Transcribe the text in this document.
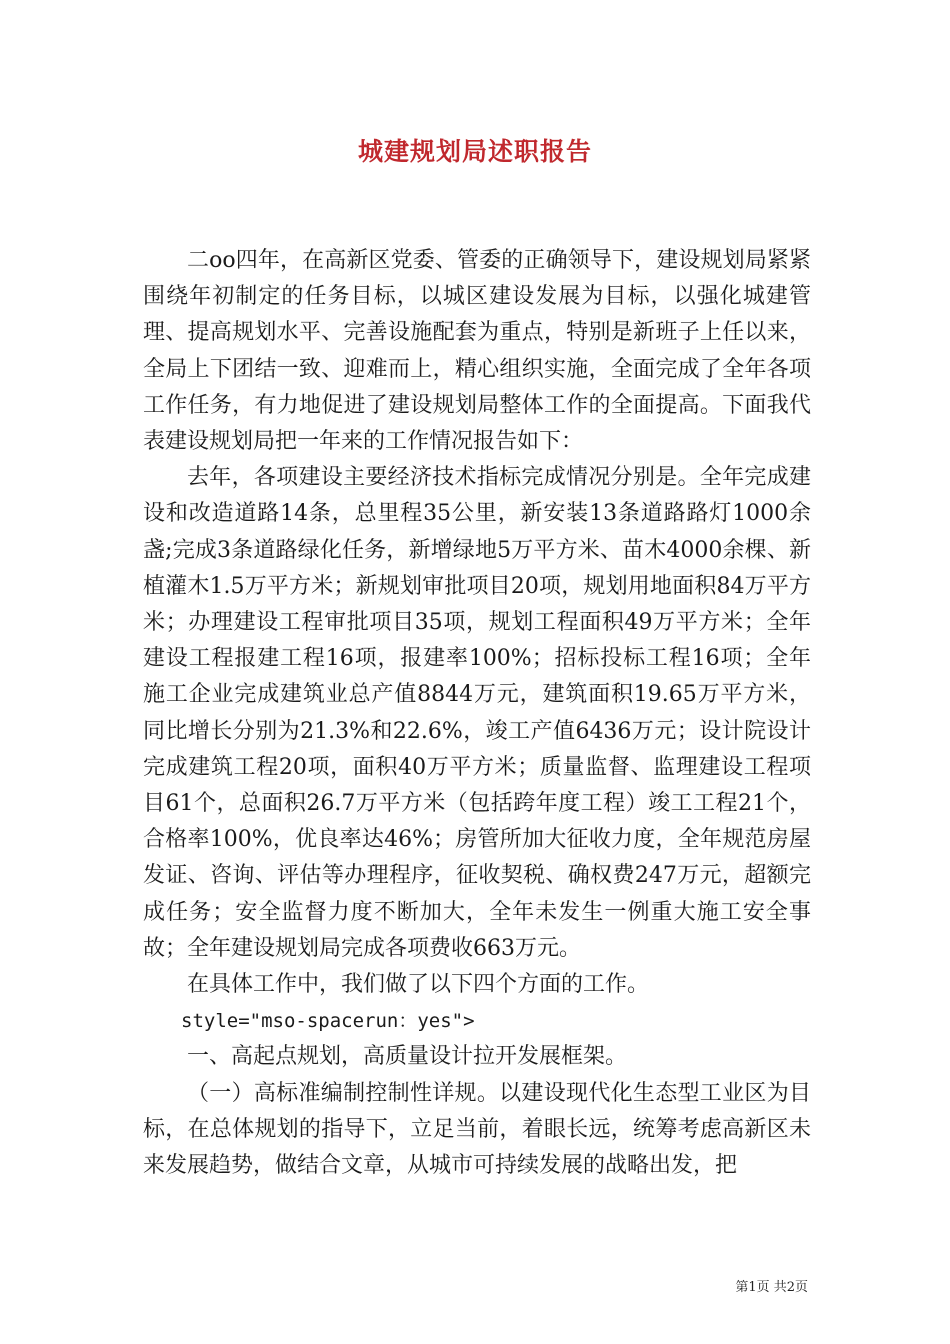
城建规划局述职报告

二oo四年，在高新区党委、管委的正确领导下，建设规划局紧紧围绕年初制定的任务目标，以城区建设发展为目标，以强化城建管理、提高规划水平、完善设施配套为重点，特别是新班子上任以来，全局上下团结一致、迎难而上，精心组织实施，全面完成了全年各项工作任务，有力地促进了建设规划局整体工作的全面提高。下面我代表建设规划局把一年来的工作情况报告如下：

去年，各项建设主要经济技术指标完成情况分别是。全年完成建设和改造道路14条，总里程35公里，新安装13条道路路灯1000余盏;完成3条道路绿化任务，新增绿地5万平方米、苗木4000余棵、新植灌木1.5万平方米；新规划审批项目20项，规划用地面积84万平方米；办理建设工程审批项目35项，规划工程面积49万平方米；全年建设工程报建工程16项，报建率100%；招标投标工程16项；全年施工企业完成建筑业总产值8844万元，建筑面积19.65万平方米，同比增长分别为21.3%和22.6%，竣工产值6436万元；设计院设计完成建筑工程20项，面积40万平方米；质量监督、监理建设工程项目61个，总面积26.7万平方米（包括跨年度工程）竣工工程21个，合格率100%，优良率达46%；房管所加大征收力度，全年规范房屋发证、咨询、评估等办理程序，征收契税、确权费247万元，超额完成任务；安全监督力度不断加大，全年未发生一例重大施工安全事故；全年建设规划局完成各项费收663万元。

在具体工作中，我们做了以下四个方面的工作。

style="mso-spacerun：yes">

一、高起点规划，高质量设计拉开发展框架。

（一）高标准编制控制性详规。以建设现代化生态型工业区为目标，在总体规划的指导下，立足当前，着眼长远，统筹考虑高新区未来发展趋势，做结合文章，从城市可持续发展的战略出发，把

第1页 共2页
